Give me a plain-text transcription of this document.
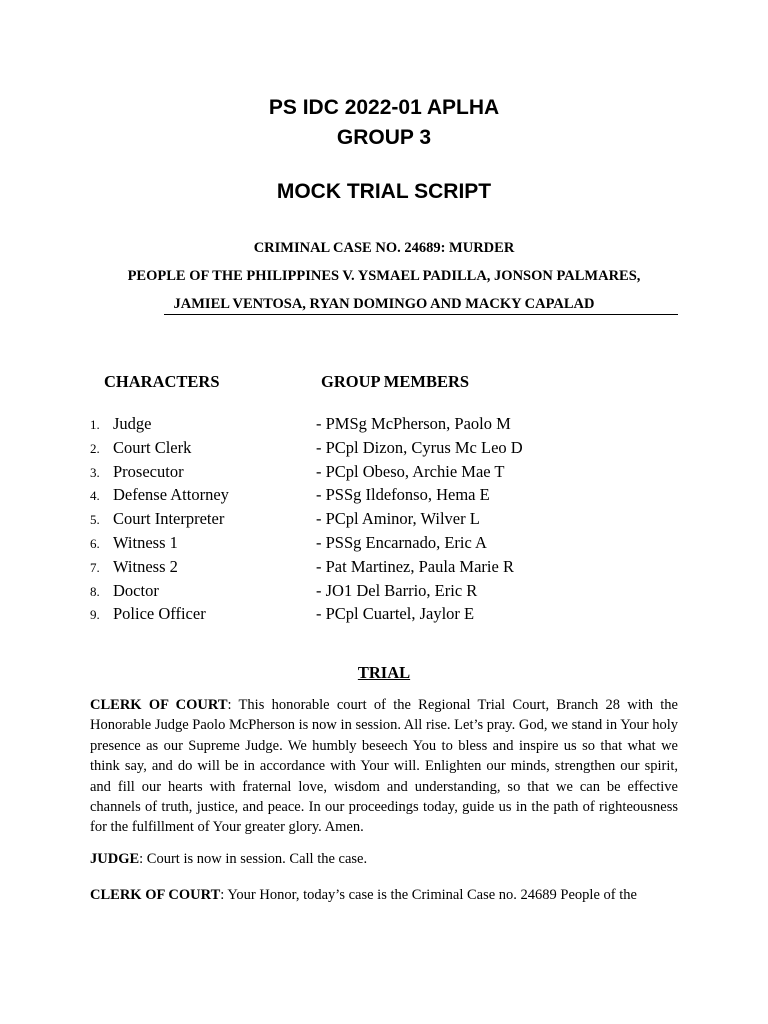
PS IDC 2022-01 APLHA
GROUP 3
MOCK TRIAL SCRIPT
CRIMINAL CASE NO. 24689: MURDER
PEOPLE OF THE PHILIPPINES V. YSMAEL PADILLA, JONSON PALMARES,
JAMIEL VENTOSA, RYAN DOMINGO AND MACKY CAPALAD
CHARACTERS	GROUP MEMBERS
1. Judge	- PMSg McPherson, Paolo M
2. Court Clerk	- PCpl Dizon, Cyrus Mc Leo D
3. Prosecutor	- PCpl Obeso, Archie Mae T
4. Defense Attorney	- PSSg Ildefonso, Hema E
5. Court Interpreter	- PCpl Aminor, Wilver L
6. Witness 1	- PSSg Encarnado, Eric A
7. Witness 2	- Pat Martinez, Paula Marie R
8. Doctor	- JO1 Del Barrio, Eric R
9. Police Officer	- PCpl Cuartel, Jaylor E
TRIAL

CLERK OF COURT: This honorable court of the Regional Trial Court, Branch 28 with the Honorable Judge Paolo McPherson is now in session. All rise. Let’s pray. God, we stand in Your holy presence as our Supreme Judge. We humbly beseech You to bless and inspire us so that what we think say, and do will be in accordance with Your will. Enlighten our minds, strengthen our spirit, and fill our hearts with fraternal love, wisdom and understanding, so that we can be effective channels of truth, justice, and peace. In our proceedings today, guide us in the path of righteousness for the fulfillment of Your greater glory. Amen.

JUDGE: Court is now in session. Call the case.

CLERK OF COURT: Your Honor, today’s case is the Criminal Case no. 24689 People of the
